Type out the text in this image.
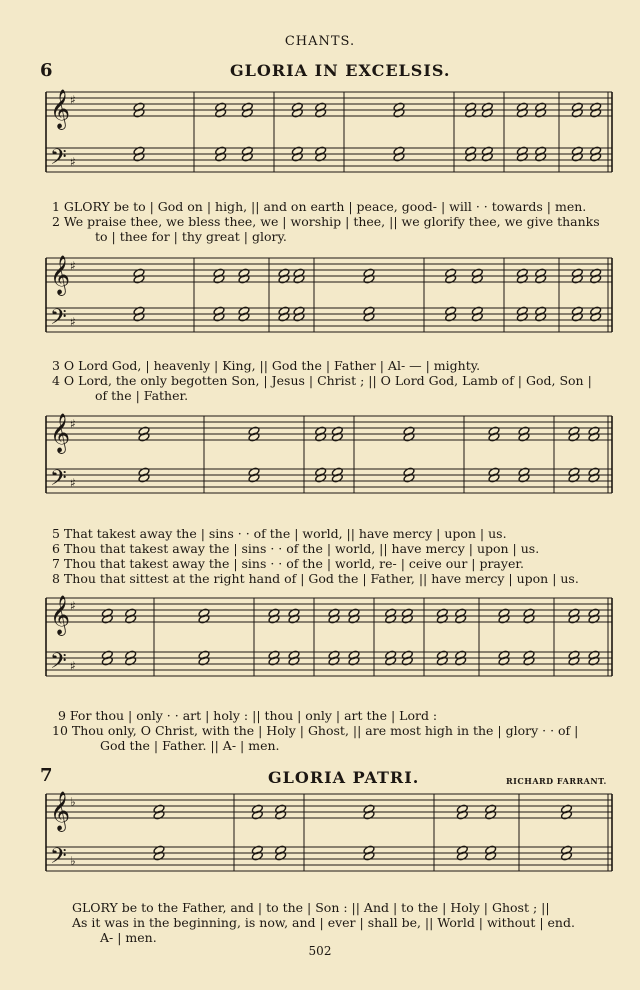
CHANTS.
6	GLORIA IN EXCELSIS.
𝄞
𝄢
♯
♯
1 GLORY be to | God on | high, || and on earth | peace, good- | will · · towards | men.
2 We praise thee, we bless thee, we | worship | thee, || we glorify thee, we give thanks
to | thee for | thy great | glory.
𝄞
𝄢
♯
♯
3 O Lord God, | heavenly | King, || God the | Father | Al- — | mighty.
4 O Lord, the only begotten Son, | Jesus | Christ ; || O Lord God, Lamb of | God, Son |
of the | Father.
𝄞
𝄢
♯
♯
5 That takest away the | sins · · of the | world, || have mercy | upon | us.
6 Thou that takest away the | sins · · of the | world, || have mercy | upon | us.
7 Thou that takest away the | sins · · of the | world, re- | ceive our | prayer.
8 Thou that sittest at the right hand of | God the | Father, || have mercy | upon | us.
𝄞
𝄢
♯
♯
9 For thou | only · · art | holy : || thou | only | art the | Lord :
10 Thou only, O Christ, with the | Holy | Ghost, || are most high in the | glory · · of |
God the | Father. || A- | men.
7	GLORIA PATRI.	RICHARD FARRANT.
𝄞
𝄢
♭
♭
GLORY be to the Father, and | to the | Son : || And | to the | Holy | Ghost ; ||
As it was in the beginning, is now, and | ever | shall be, || World | without | end.
A- | men.
502
